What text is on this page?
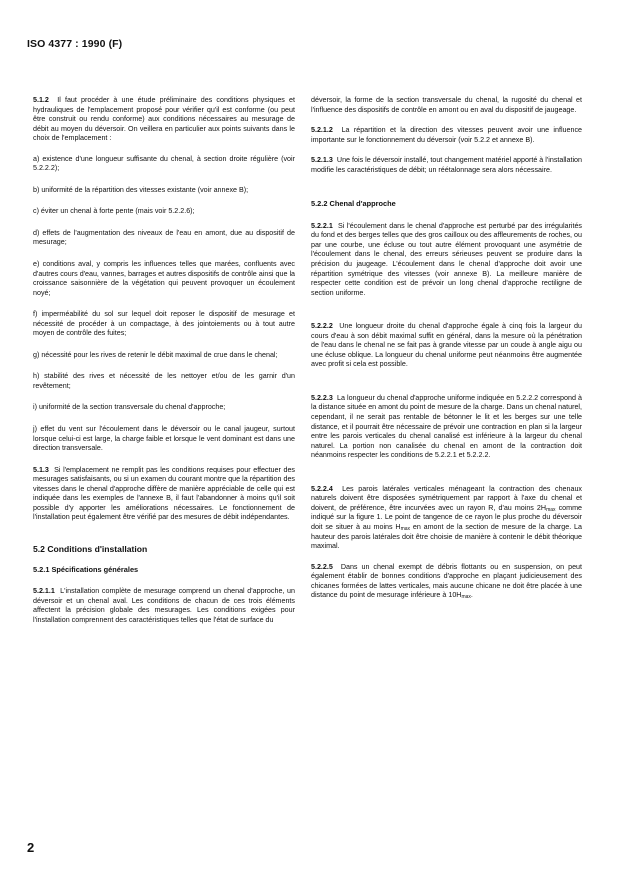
ISO 4377 : 1990 (F)

5.1.2 Il faut procéder à une étude préliminaire des conditions physiques et hydrauliques de l'emplacement proposé pour vérifier qu'il est conforme (ou peut être construit ou rendu conforme) aux conditions nécessaires au mesurage de débit au moyen du déversoir. On veillera en particulier aux points suivants dans le choix de l'emplacement :

a) existence d'une longueur suffisante du chenal, à section droite régulière (voir 5.2.2.2);

b) uniformité de la répartition des vitesses existante (voir annexe B);

c) éviter un chenal à forte pente (mais voir 5.2.2.6);

d) effets de l'augmentation des niveaux de l'eau en amont, due au dispositif de mesurage;

e) conditions aval, y compris les influences telles que marées, confluents avec d'autres cours d'eau, vannes, barrages et autres dispositifs de contrôle ainsi que la croissance saisonnière de la végétation qui peuvent provoquer un écoulement noyé;

f) imperméabilité du sol sur lequel doit reposer le dispositif de mesurage et nécessité de procéder à un compactage, à des jointoiements ou à tout autre moyen de contrôle des fuites;

g) nécessité pour les rives de retenir le débit maximal de crue dans le chenal;

h) stabilité des rives et nécessité de les nettoyer et/ou de les garnir d'un revêtement;

i) uniformité de la section transversale du chenal d'approche;

j) effet du vent sur l'écoulement dans le déversoir ou le canal jaugeur, surtout lorsque celui-ci est large, la charge faible et lorsque le vent dominant est dans une direction transversale.

5.1.3 Si l'emplacement ne remplit pas les conditions requises pour effectuer des mesurages satisfaisants, ou si un examen du courant montre que la répartition des vitesses dans le chenal d'approche diffère de manière appréciable de celle qui est indiquée dans les exemples de l'annexe B, il faut l'abandonner à moins qu'il soit possible d'y apporter les améliorations nécessaires. Le fonctionnement de l'installation peut également être vérifié par des mesures de débit indépendantes.

5.2 Conditions d'installation
5.2.1 Spécifications générales

5.2.1.1 L'installation complète de mesurage comprend un chenal d'approche, un déversoir et un chenal aval. Les conditions de chacun de ces trois éléments affectent la précision globale des mesurages. Les conditions exigées pour l'installation comprennent des caractéristiques telles que l'état de surface du

déversoir, la forme de la section transversale du chenal, la rugosité du chenal et l'influence des dispositifs de contrôle en amont ou en aval du dispositif de jaugeage.

5.2.1.2 La répartition et la direction des vitesses peuvent avoir une influence importante sur le fonctionnement du déversoir (voir 5.2.2 et annexe B).

5.2.1.3 Une fois le déversoir installé, tout changement matériel apporté à l'installation modifie les caractéristiques de débit; un réétalonnage sera alors nécessaire.

5.2.2 Chenal d'approche

5.2.2.1 Si l'écoulement dans le chenal d'approche est perturbé par des irrégularités du fond et des berges telles que des gros cailloux ou des affleurements de roches, ou par une courbe, une écluse ou tout autre élément provoquant une asymétrie de l'écoulement dans le chenal, des erreurs sérieuses peuvent se produire dans la précision du jaugeage. L'écoulement dans le chenal d'approche doit avoir une répartition symétrique des vitesses (voir annexe B). La meilleure manière de respecter cette condition est de prévoir un long chenal d'approche rectiligne de section uniforme.

5.2.2.2 Une longueur droite du chenal d'approche égale à cinq fois la largeur du cours d'eau à son débit maximal suffit en général, dans la mesure où la pénétration de l'eau dans le chenal ne se fait pas à grande vitesse par un coude à angle aigu ou une écluse oblique. La longueur du chenal uniforme peut néanmoins être augmentée avec profit si cela est possible.

5.2.2.3 La longueur du chenal d'approche uniforme indiquée en 5.2.2.2 correspond à la distance située en amont du point de mesure de la charge. Dans un chenal naturel, cependant, il ne serait pas rentable de bétonner le lit et les berges sur une telle distance, et il pourrait être nécessaire de prévoir une contraction en plan si la largeur entre les parois verticales du chenal canalisé est inférieure à la largeur du chenal naturel. La portion non canalisée du chenal en amont de la contraction doit néanmoins respecter les conditions de 5.2.2.1 et 5.2.2.2.

5.2.2.4 Les parois latérales verticales ménageant la contraction des chenaux naturels doivent être disposées symétriquement par rapport à l'axe du chenal et doivent, de préférence, être incurvées avec un rayon R, d'au moins $2H_{max}$ comme indiqué sur la figure 1. Le point de tangence de ce rayon le plus proche du déversoir doit se situer à au moins $H_{max}$ en amont de la section de mesure de la charge. La hauteur des parois latérales doit être choisie de manière à contenir le débit théorique maximal.

5.2.2.5 Dans un chenal exempt de débris flottants ou en suspension, on peut également établir de bonnes conditions d'approche en plaçant judicieusement des chicanes formées de lattes verticales, mais aucune chicane ne doit être placée à une distance du point de mesurage inférieure à $10H_{max}$.

2
